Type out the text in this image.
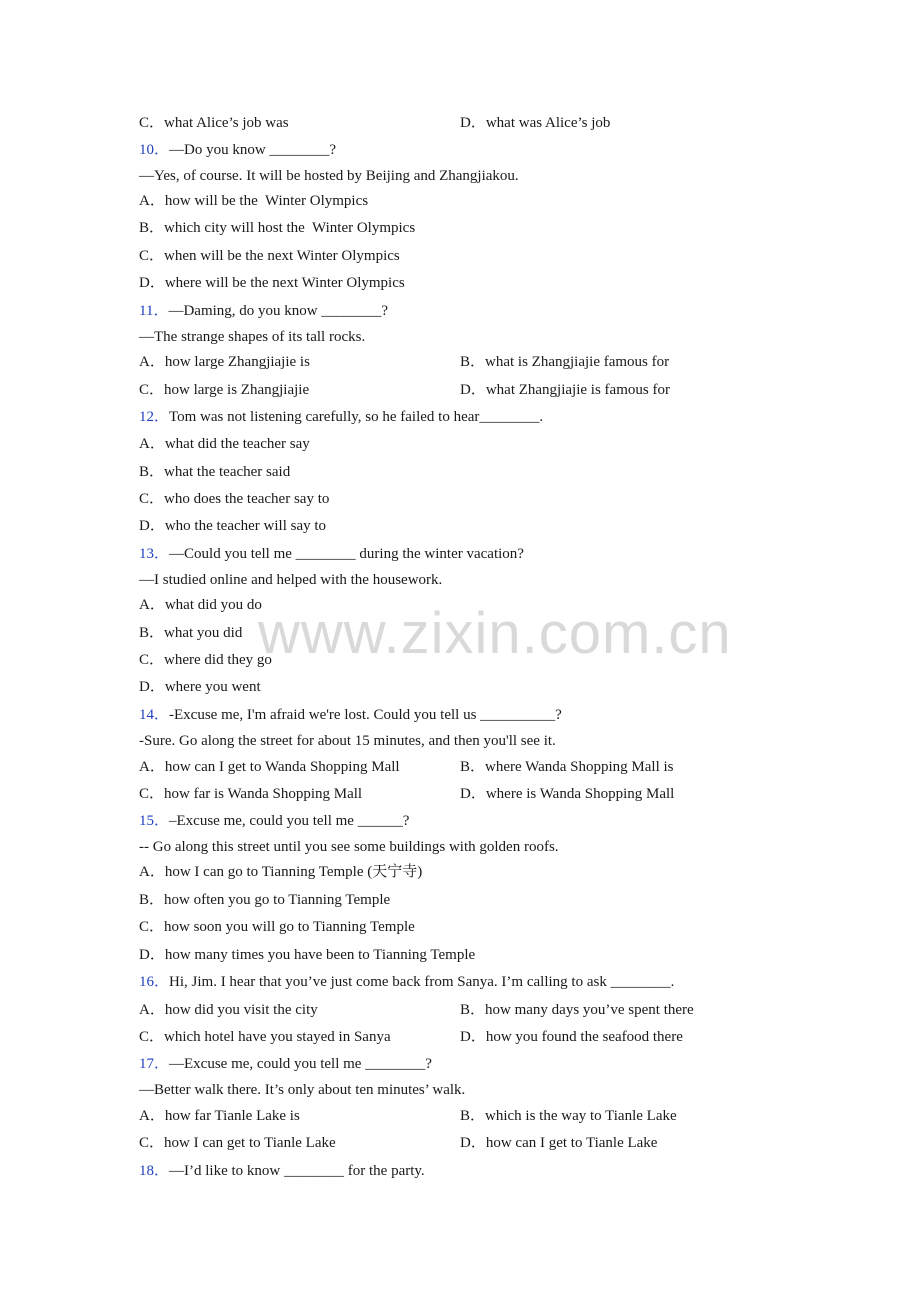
www.zixin.com.cn
C．what Alice’s job was	D．what was Alice’s job
10．—Do you know ________?
—Yes, of course. It will be hosted by Beijing and Zhangjiakou.
A．how will be the  Winter Olympics
B．which city will host the  Winter Olympics
C．when will be the next Winter Olympics
D．where will be the next Winter Olympics
11．—Daming, do you know ________?
—The strange shapes of its tall rocks.
A．how large Zhangjiajie is	B．what is Zhangjiajie famous for
C．how large is Zhangjiajie	D．what Zhangjiajie is famous for
12．Tom was not listening carefully, so he failed to hear________.
A．what did the teacher say
B．what the teacher said
C．who does the teacher say to
D．who the teacher will say to
13．—Could you tell me ________ during the winter vacation?
—I studied online and helped with the housework.
A．what did you do
B．what you did
C．where did they go
D．where you went
14．-Excuse me, I'm afraid we're lost. Could you tell us __________?
-Sure. Go along the street for about 15 minutes, and then you'll see it.
A．how can I get to Wanda Shopping Mall	B．where Wanda Shopping Mall is
C．how far is Wanda Shopping Mall	D．where is Wanda Shopping Mall
15．–Excuse me, could you tell me ______?
-- Go along this street until you see some buildings with golden roofs.
A．how I can go to Tianning Temple (天宁寺)
B．how often you go to Tianning Temple
C．how soon you will go to Tianning Temple
D．how many times you have been to Tianning Temple
16．Hi, Jim. I hear that you’ve just come back from Sanya. I’m calling to ask ________.
A．how did you visit the city	B．how many days you’ve spent there
C．which hotel have you stayed in Sanya	D．how you found the seafood there
17．—Excuse me, could you tell me ________?
—Better walk there. It’s only about ten minutes’ walk.
A．how far Tianle Lake is	B．which is the way to Tianle Lake
C．how I can get to Tianle Lake	D．how can I get to Tianle Lake
18．—I’d like to know ________ for the party.
